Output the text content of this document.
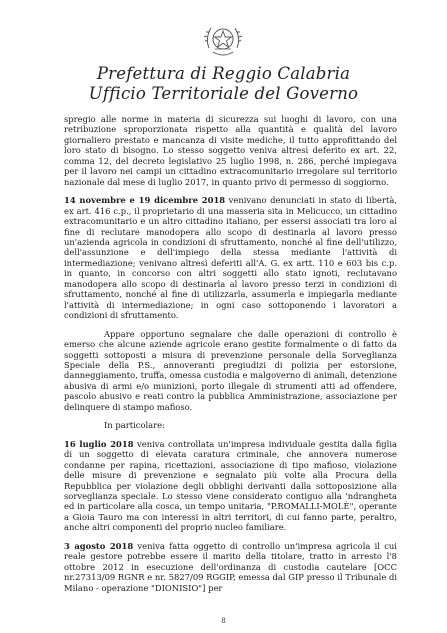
Prefettura di Reggio Calabria
Ufficio Territoriale del Governo

spregio alle norme in materia di sicurezza sui luoghi di lavoro, con una retribuzione sproporzionata rispetto alla quantità e qualità del lavoro giornaliero prestato e mancanza di visite mediche, il tutto approfittando del loro stato di bisogno. Lo stesso soggetto veniva altresì deferito ex art. 22, comma 12, del decreto legislativo 25 luglio 1998, n. 286, perché impiegava per il lavoro nei campi un cittadino extracomunitario irregolare sul territorio nazionale dal mese di luglio 2017, in quanto privo di permesso di soggiorno.

14 novembre e 19 dicembre 2018 venivano denunciati in stato di libertà, ex art. 416 c.p., il proprietario di una masseria sita in Melicucco, un cittadino extracomunitario e un altro cittadino italiano, per essersi associati tra loro al fine di reclutare manodopera allo scopo di destinarla al lavoro presso un'azienda agricola in condizioni di sfruttamento, nonché al fine dell'utilizzo, dell'assunzione e dell'impiego della stessa mediante l'attività di intermediazione; venivano altresì deferiti all'A. G. ex artt. 110 e 603 bis c.p. in quanto, in concorso con altri soggetti allo stato ignoti, reclutavano manodopera allo scopo di destinarla al lavoro presso terzi in condizioni di sfruttamento, nonché al fine di utilizzarla, assumerla e impiegarla mediante l'attività di intermediazione; in ogni caso sottoponendo i lavoratori a condizioni di sfruttamento.

Appare opportuno segnalare che dalle operazioni di controllo è emerso che alcune aziende agricole erano gestite formalmente o di fatto da soggetti sottoposti a misura di prevenzione personale della Sorveglianza Speciale della P.S., annoveranti pregiudizi di polizia per estorsione, danneggiamento, truffa, omessa custodia e malgoverno di animali, detenzione abusiva di armi e/o munizioni, porto illegale di strumenti atti ad offendere, pascolo abusivo e reati contro la pubblica Amministrazione, associazione per delinquere di stampo mafioso.

In particolare:

16 luglio 2018 veniva controllata un'impresa individuale gestita dalla figlia di un soggetto di elevata caratura criminale, che annovera numerose condanne per rapina, ricettazioni, associazione di tipo mafioso, violazione delle misure di prevenzione e segnalato più volte alla Procura della Repubblica per violazione degli obblighi derivanti dalla sottoposizione alla sorveglianza speciale. Lo stesso viene considerato contiguo alla 'ndrangheta ed in particolare alla cosca, un tempo unitaria, "P.ROMALLI-MOLÈ", operante a Gioia Tauro ma con interessi in altri territori, di cui fanno parte, peraltro, anche altri componenti del proprio nucleo familiare.

3 agosto 2018 veniva fatta oggetto di controllo un'impresa agricola il cui reale gestore potrebbe essere il marito della titolare, tratto in arresto l'8 ottobre 2012 in esecuzione dell'ordinanza di custodia cautelare [OCC nr.27313/09 RGNR e nr. 5827/09 RGGIP, emessa dal GIP presso il Tribunale di Milano - operazione "DIONISIO"] per

8
